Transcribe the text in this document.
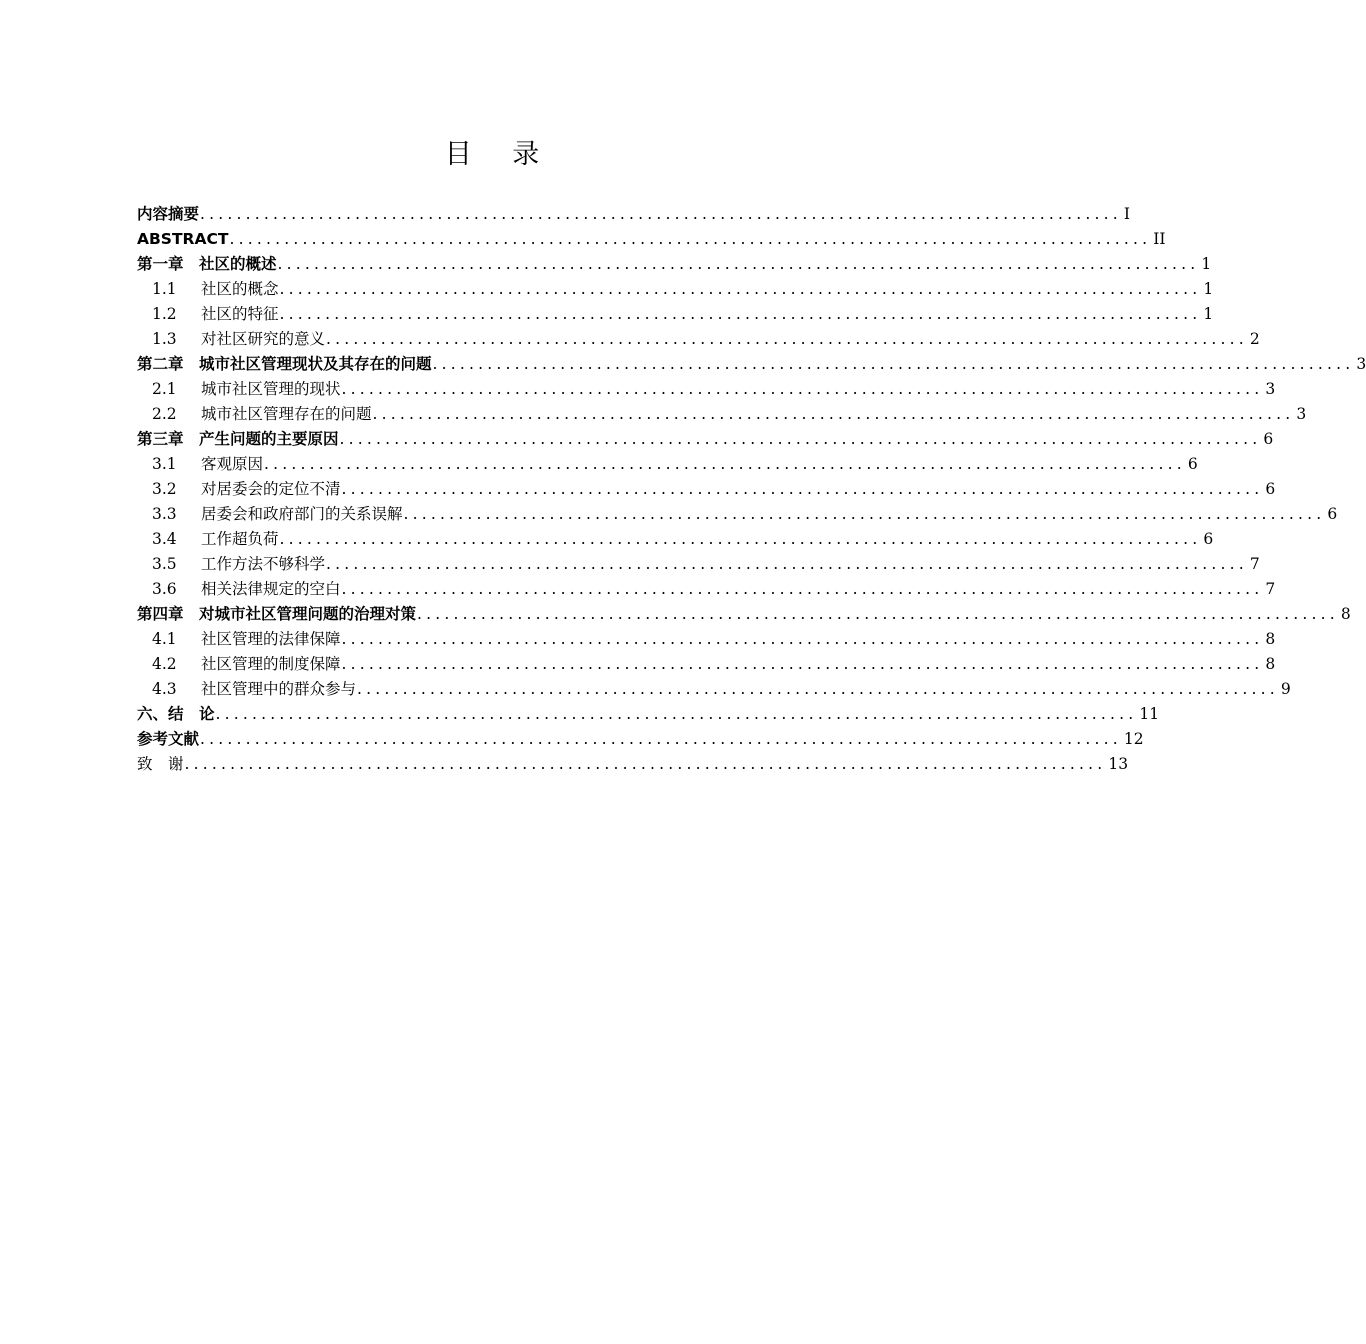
目 录
内容摘要 ..................................................................................................... I
ABSTRACT ..................................................................................................... II
第一章　社区的概述 ..................................................................................................... 1
1.1	社区的概念 ..................................................................................................... 1
1.2	社区的特征 ..................................................................................................... 1
1.3	对社区研究的意义 ..................................................................................................... 2
第二章　城市社区管理现状及其存在的问题 ..................................................................................................... 3
2.1	城市社区管理的现状 ..................................................................................................... 3
2.2	城市社区管理存在的问题 ..................................................................................................... 3
第三章　产生问题的主要原因 ..................................................................................................... 6
3.1	客观原因 ..................................................................................................... 6
3.2	对居委会的定位不清 ..................................................................................................... 6
3.3	居委会和政府部门的关系误解 ..................................................................................................... 6
3.4	工作超负荷 ..................................................................................................... 6
3.5	工作方法不够科学 ..................................................................................................... 7
3.6	相关法律规定的空白 ..................................................................................................... 7
第四章　对城市社区管理问题的治理对策 ..................................................................................................... 8
4.1	社区管理的法律保障 ..................................................................................................... 8
4.2	社区管理的制度保障 ..................................................................................................... 8
4.3	社区管理中的群众参与 ..................................................................................................... 9
六、结　论 ..................................................................................................... 11
参考文献 ..................................................................................................... 12
致　谢 ..................................................................................................... 13
